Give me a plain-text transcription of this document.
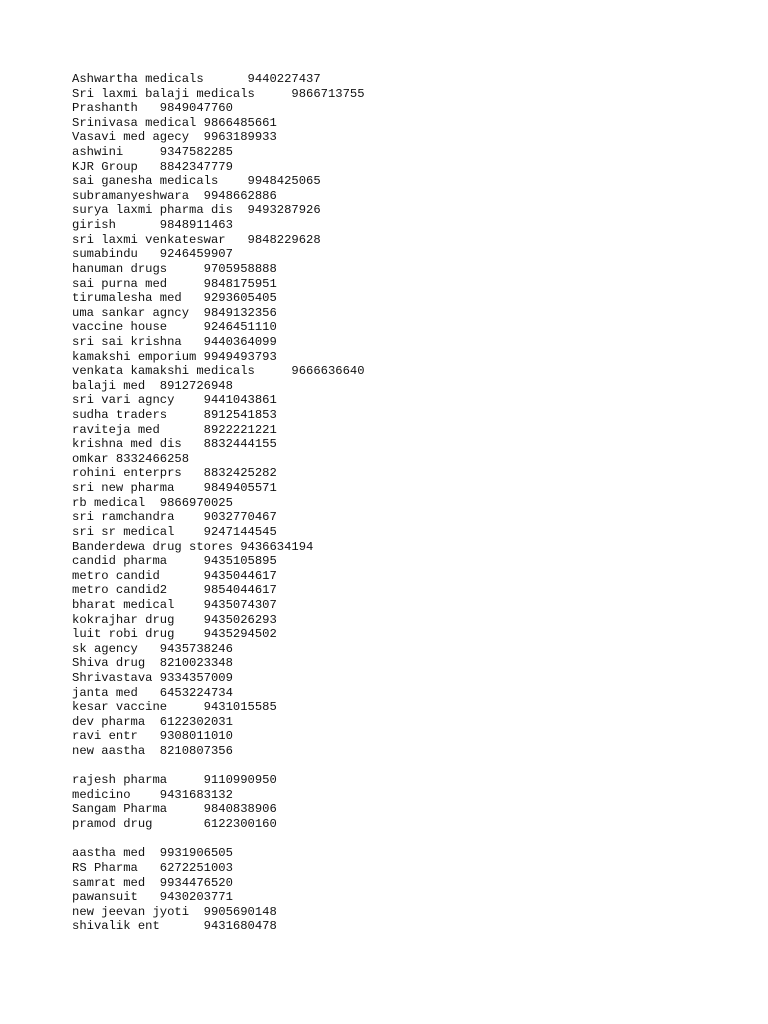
Ashwartha medicals      9440227437
Sri laxmi balaji medicals     9866713755
Prashanth   9849047760
Srinivasa medical 9866485661
Vasavi med agecy  9963189933
ashwini     9347582285
KJR Group   8842347779
sai ganesha medicals    9948425065
subramanyeshwara  9948662886
surya laxmi pharma dis  9493287926
girish      9848911463
sri laxmi venkateswar   9848229628
sumabindu   9246459907
hanuman drugs     9705958888
sai purna med     9848175951
tirumalesha med   9293605405
uma sankar agncy  9849132356
vaccine house     9246451110
sri sai krishna   9440364099
kamakshi emporium 9949493793
venkata kamakshi medicals     9666636640
balaji med  8912726948
sri vari agncy    9441043861
sudha traders     8912541853
raviteja med      8922221221
krishna med dis   8832444155
omkar 8332466258
rohini enterprs   8832425282
sri new pharma    9849405571
rb medical  9866970025
sri ramchandra    9032770467
sri sr medical    9247144545
Banderdewa drug stores 9436634194
candid pharma     9435105895
metro candid      9435044617
metro candid2     9854044617
bharat medical    9435074307
kokrajhar drug    9435026293
luit robi drug    9435294502
sk agency   9435738246
Shiva drug  8210023348
Shrivastava 9334357009
janta med   6453224734
kesar vaccine     9431015585
dev pharma  6122302031
ravi entr   9308011010
new aastha  8210807356
rajesh pharma     9110990950
medicino    9431683132
Sangam Pharma     9840838906
pramod drug       6122300160
aastha med  9931906505
RS Pharma   6272251003
samrat med  9934476520
pawansuit   9430203771
new jeevan jyoti  9905690148
shivalik ent      9431680478
